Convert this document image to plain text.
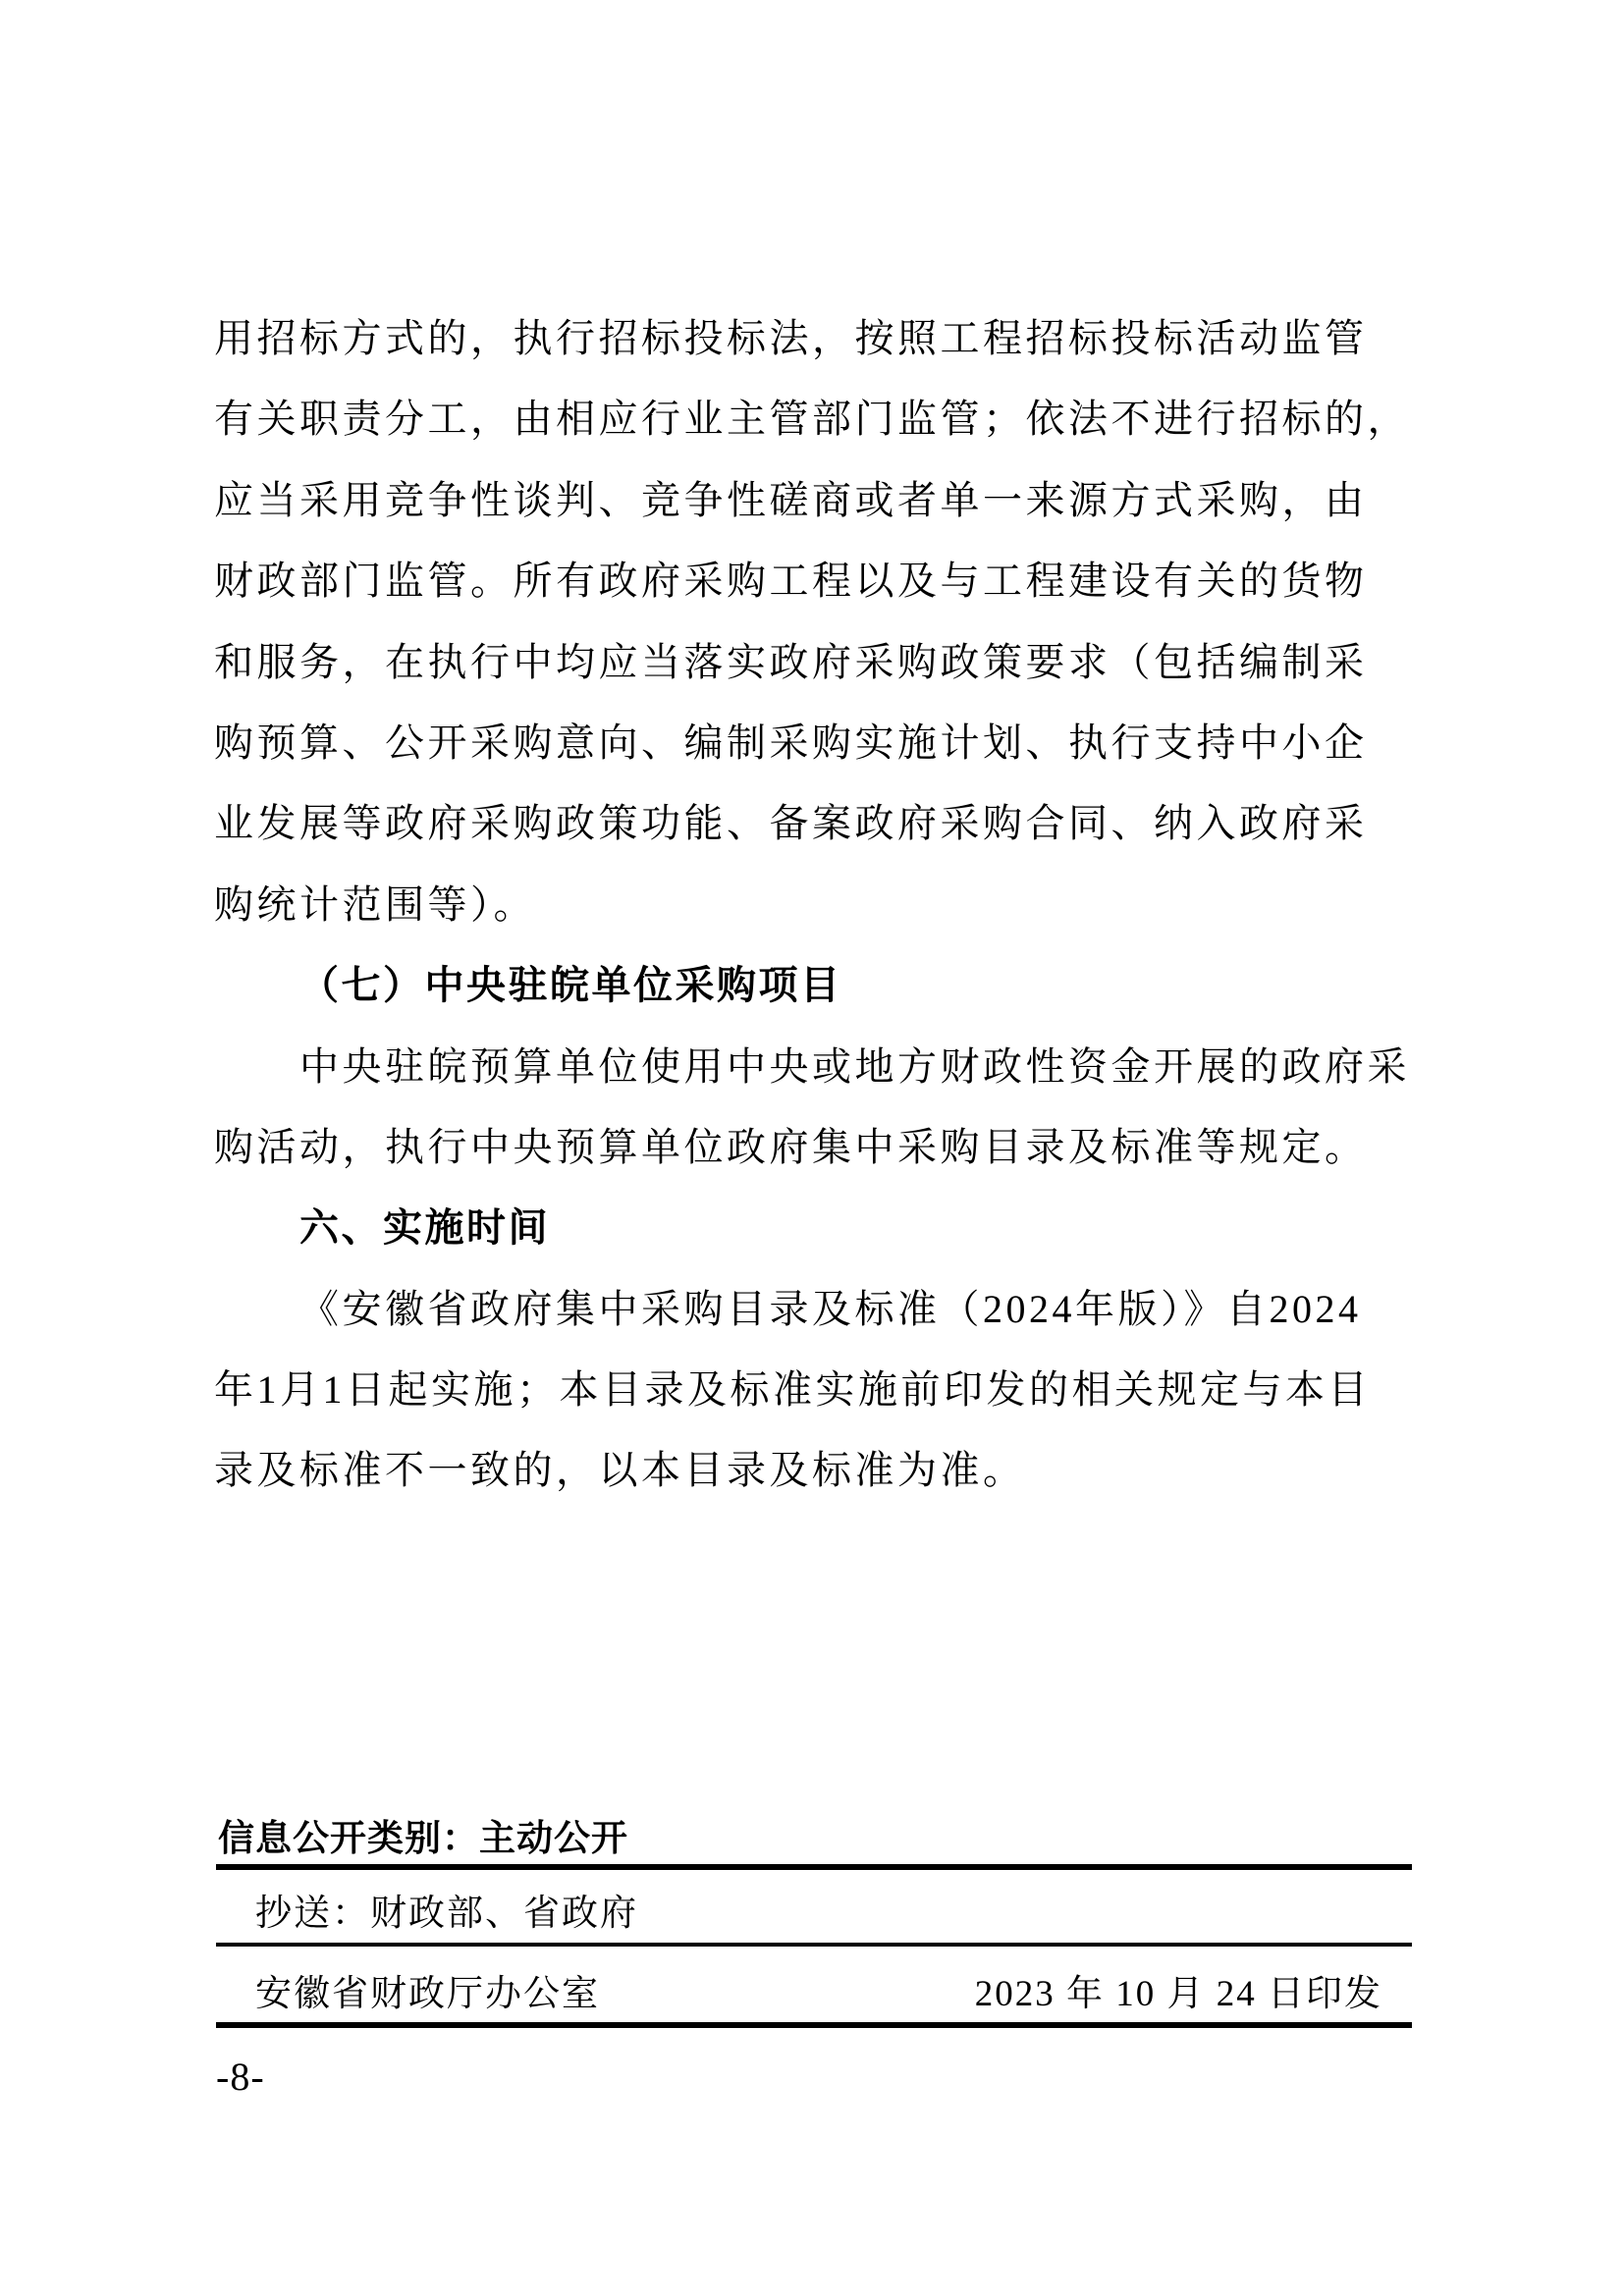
用招标方式的，执行招标投标法，按照工程招标投标活动监管
有关职责分工，由相应行业主管部门监管；依法不进行招标的，
应当采用竞争性谈判、竞争性磋商或者单一来源方式采购，由
财政部门监管。所有政府采购工程以及与工程建设有关的货物
和服务，在执行中均应当落实政府采购政策要求（包括编制采
购预算、公开采购意向、编制采购实施计划、执行支持中小企
业发展等政府采购政策功能、备案政府采购合同、纳入政府采
购统计范围等）。
（七）中央驻皖单位采购项目
中央驻皖预算单位使用中央或地方财政性资金开展的政府采
购活动，执行中央预算单位政府集中采购目录及标准等规定。
六、实施时间
《安徽省政府集中采购目录及标准（2024年版）》自2024
年1月1日起实施；本目录及标准实施前印发的相关规定与本目
录及标准不一致的，以本目录及标准为准。
信息公开类别：主动公开
抄送：财政部、省政府
安徽省财政厅办公室	2023 年 10 月 24 日印发
-8-
